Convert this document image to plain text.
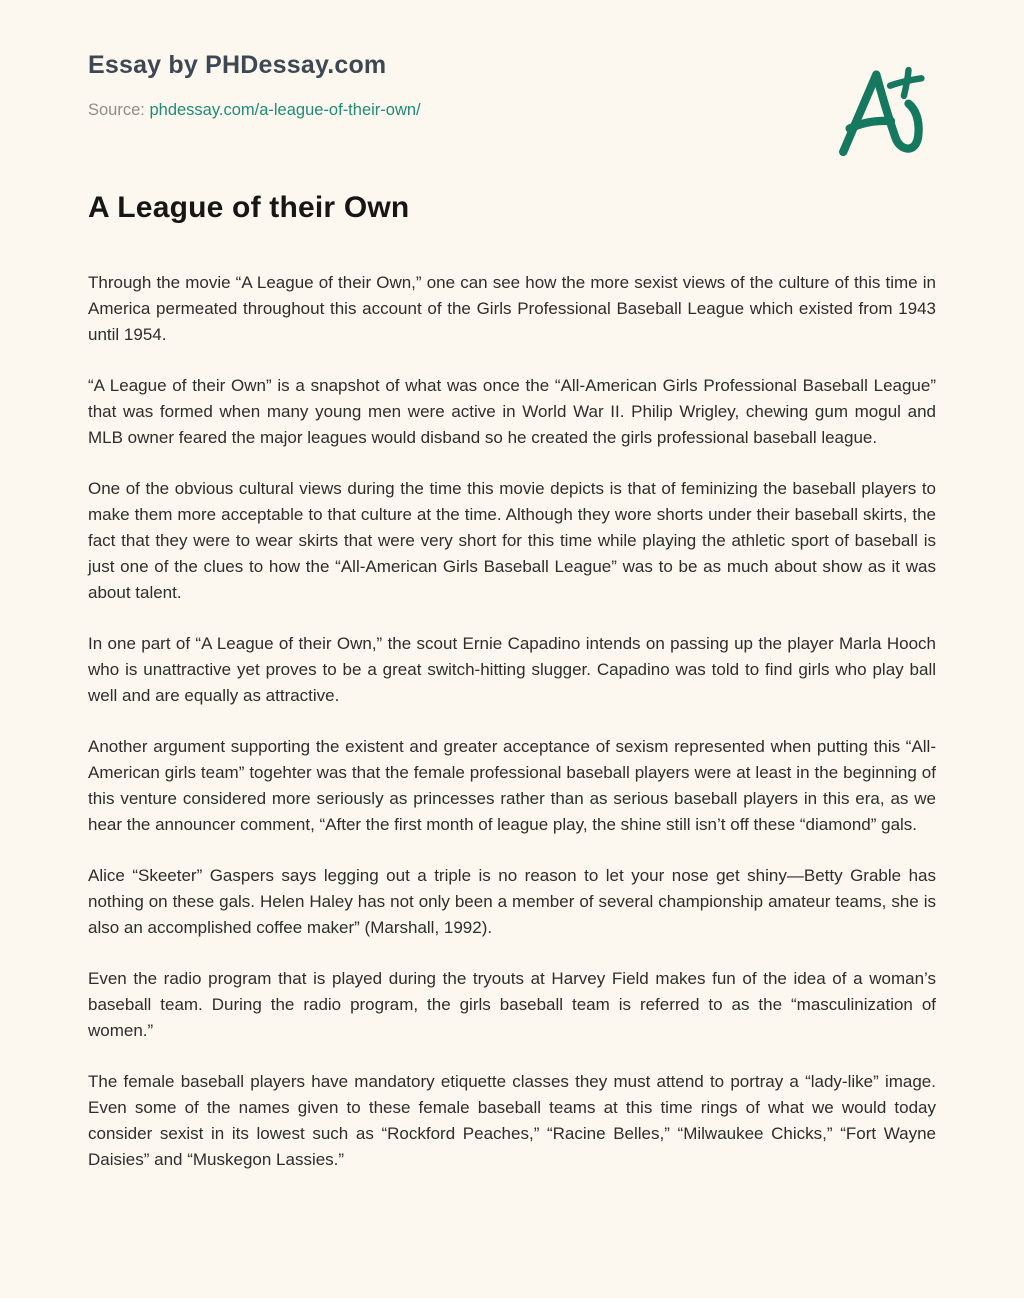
Essay by PHDessay.com
Source: phdessay.com/a-league-of-their-own/
A League of their Own

Through the movie “A League of their Own,” one can see how the more sexist views of the culture of this time in America permeated throughout this account of the Girls Professional Baseball League which existed from 1943 until 1954.

“A League of their Own” is a snapshot of what was once the “All-American Girls Professional Baseball League” that was formed when many young men were active in World War II. Philip Wrigley, chewing gum mogul and MLB owner feared the major leagues would disband so he created the girls professional baseball league.

One of the obvious cultural views during the time this movie depicts is that of feminizing the baseball players to make them more acceptable to that culture at the time. Although they wore shorts under their baseball skirts, the fact that they were to wear skirts that were very short for this time while playing the athletic sport of baseball is just one of the clues to how the “All-American Girls Baseball League” was to be as much about show as it was about talent.

In one part of “A League of their Own,” the scout Ernie Capadino intends on passing up the player Marla Hooch who is unattractive yet proves to be a great switch-hitting slugger. Capadino was told to find girls who play ball well and are equally as attractive.

Another argument supporting the existent and greater acceptance of sexism represented when putting this “All-American girls team” togehter was that the female professional baseball players were at least in the beginning of this venture considered more seriously as princesses rather than as serious baseball players in this era, as we hear the announcer comment, “After the first month of league play, the shine still isn’t off these “diamond” gals.

Alice “Skeeter” Gaspers says legging out a triple is no reason to let your nose get shiny—Betty Grable has nothing on these gals. Helen Haley has not only been a member of several championship amateur teams, she is also an accomplished coffee maker” (Marshall, 1992).

Even the radio program that is played during the tryouts at Harvey Field makes fun of the idea of a woman’s baseball team. During the radio program, the girls baseball team is referred to as the “masculinization of women.”

The female baseball players have mandatory etiquette classes they must attend to portray a “lady-like” image. Even some of the names given to these female baseball teams at this time rings of what we would today consider sexist in its lowest such as “Rockford Peaches,” “Racine Belles,” “Milwaukee Chicks,” “Fort Wayne Daisies” and “Muskegon Lassies.”
